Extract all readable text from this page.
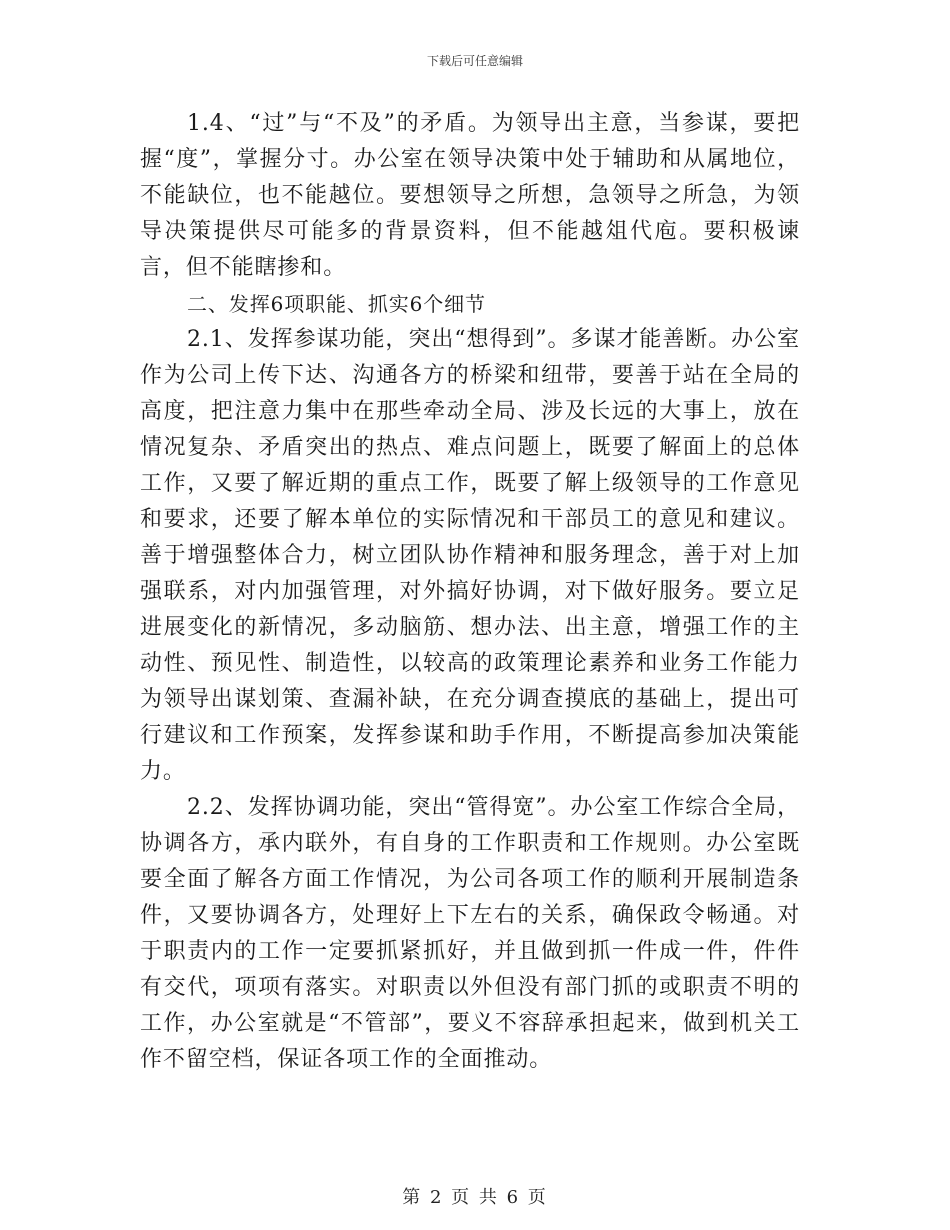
下载后可任意编辑

1.4、“过”与“不及”的矛盾。为领导出主意，当参谋，要把握“度”，掌握分寸。办公室在领导决策中处于辅助和从属地位，不能缺位，也不能越位。要想领导之所想，急领导之所急，为领导决策提供尽可能多的背景资料，但不能越俎代庖。要积极谏言，但不能瞎掺和。

二、发挥6项职能、抓实6个细节

2.1、发挥参谋功能，突出“想得到”。多谋才能善断。办公室作为公司上传下达、沟通各方的桥梁和纽带，要善于站在全局的高度，把注意力集中在那些牵动全局、涉及长远的大事上，放在情况复杂、矛盾突出的热点、难点问题上，既要了解面上的总体工作，又要了解近期的重点工作，既要了解上级领导的工作意见和要求，还要了解本单位的实际情况和干部员工的意见和建议。善于增强整体合力，树立团队协作精神和服务理念，善于对上加强联系，对内加强管理，对外搞好协调，对下做好服务。要立足进展变化的新情况，多动脑筋、想办法、出主意，增强工作的主动性、预见性、制造性，以较高的政策理论素养和业务工作能力为领导出谋划策、查漏补缺，在充分调查摸底的基础上，提出可行建议和工作预案，发挥参谋和助手作用，不断提高参加决策能力。

2.2、发挥协调功能，突出“管得宽”。办公室工作综合全局，协调各方，承内联外，有自身的工作职责和工作规则。办公室既要全面了解各方面工作情况，为公司各项工作的顺利开展制造条件，又要协调各方，处理好上下左右的关系，确保政令畅通。对于职责内的工作一定要抓紧抓好，并且做到抓一件成一件，件件有交代，项项有落实。对职责以外但没有部门抓的或职责不明的工作，办公室就是“不管部”，要义不容辞承担起来，做到机关工作不留空档，保证各项工作的全面推动。

第 2 页 共 6 页
